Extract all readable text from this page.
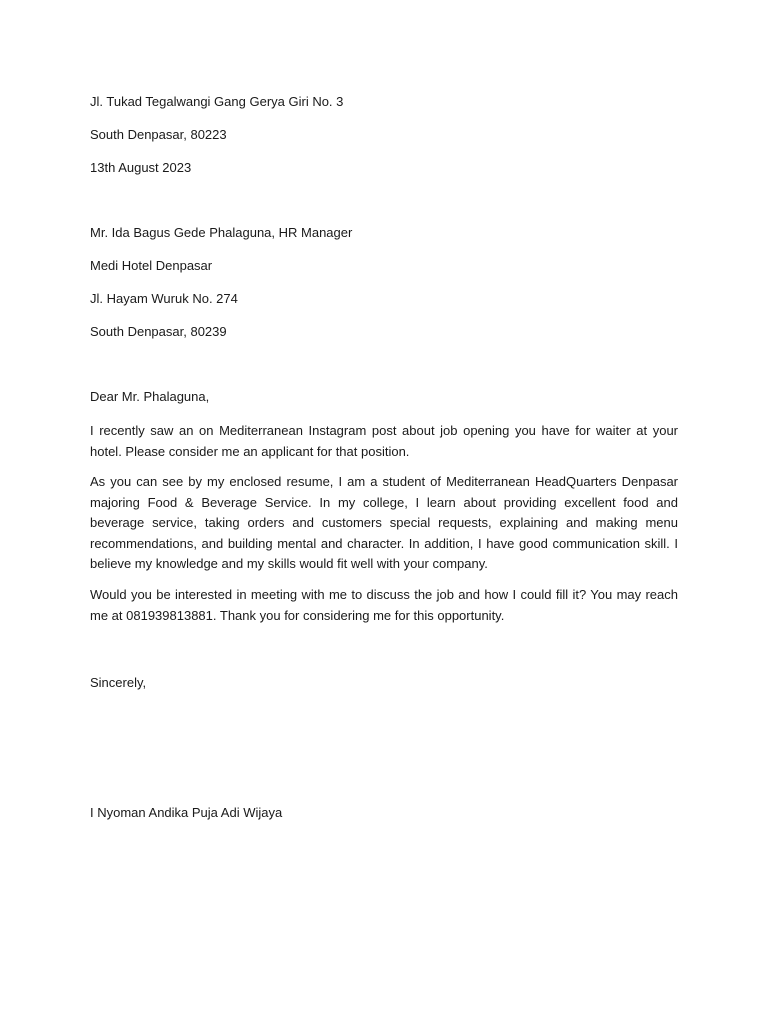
Jl. Tukad Tegalwangi Gang Gerya Giri No. 3
South Denpasar, 80223
13th August 2023
Mr. Ida Bagus Gede Phalaguna, HR Manager
Medi Hotel Denpasar
Jl. Hayam Wuruk No. 274
South Denpasar, 80239
Dear Mr. Phalaguna,
I recently saw an on Mediterranean Instagram post about job opening you have for waiter at your hotel. Please consider me an applicant for that position.
As you can see by my enclosed resume, I am a student of Mediterranean HeadQuarters Denpasar majoring Food & Beverage Service. In my college, I learn about providing excellent food and beverage service, taking orders and customers special requests, explaining and making menu recommendations, and building mental and character. In addition, I have good communication skill. I believe my knowledge and my skills would fit well with your company.
Would you be interested in meeting with me to discuss the job and how I could fill it? You may reach me at 081939813881. Thank you for considering me for this opportunity.
Sincerely,
I Nyoman Andika Puja Adi Wijaya
